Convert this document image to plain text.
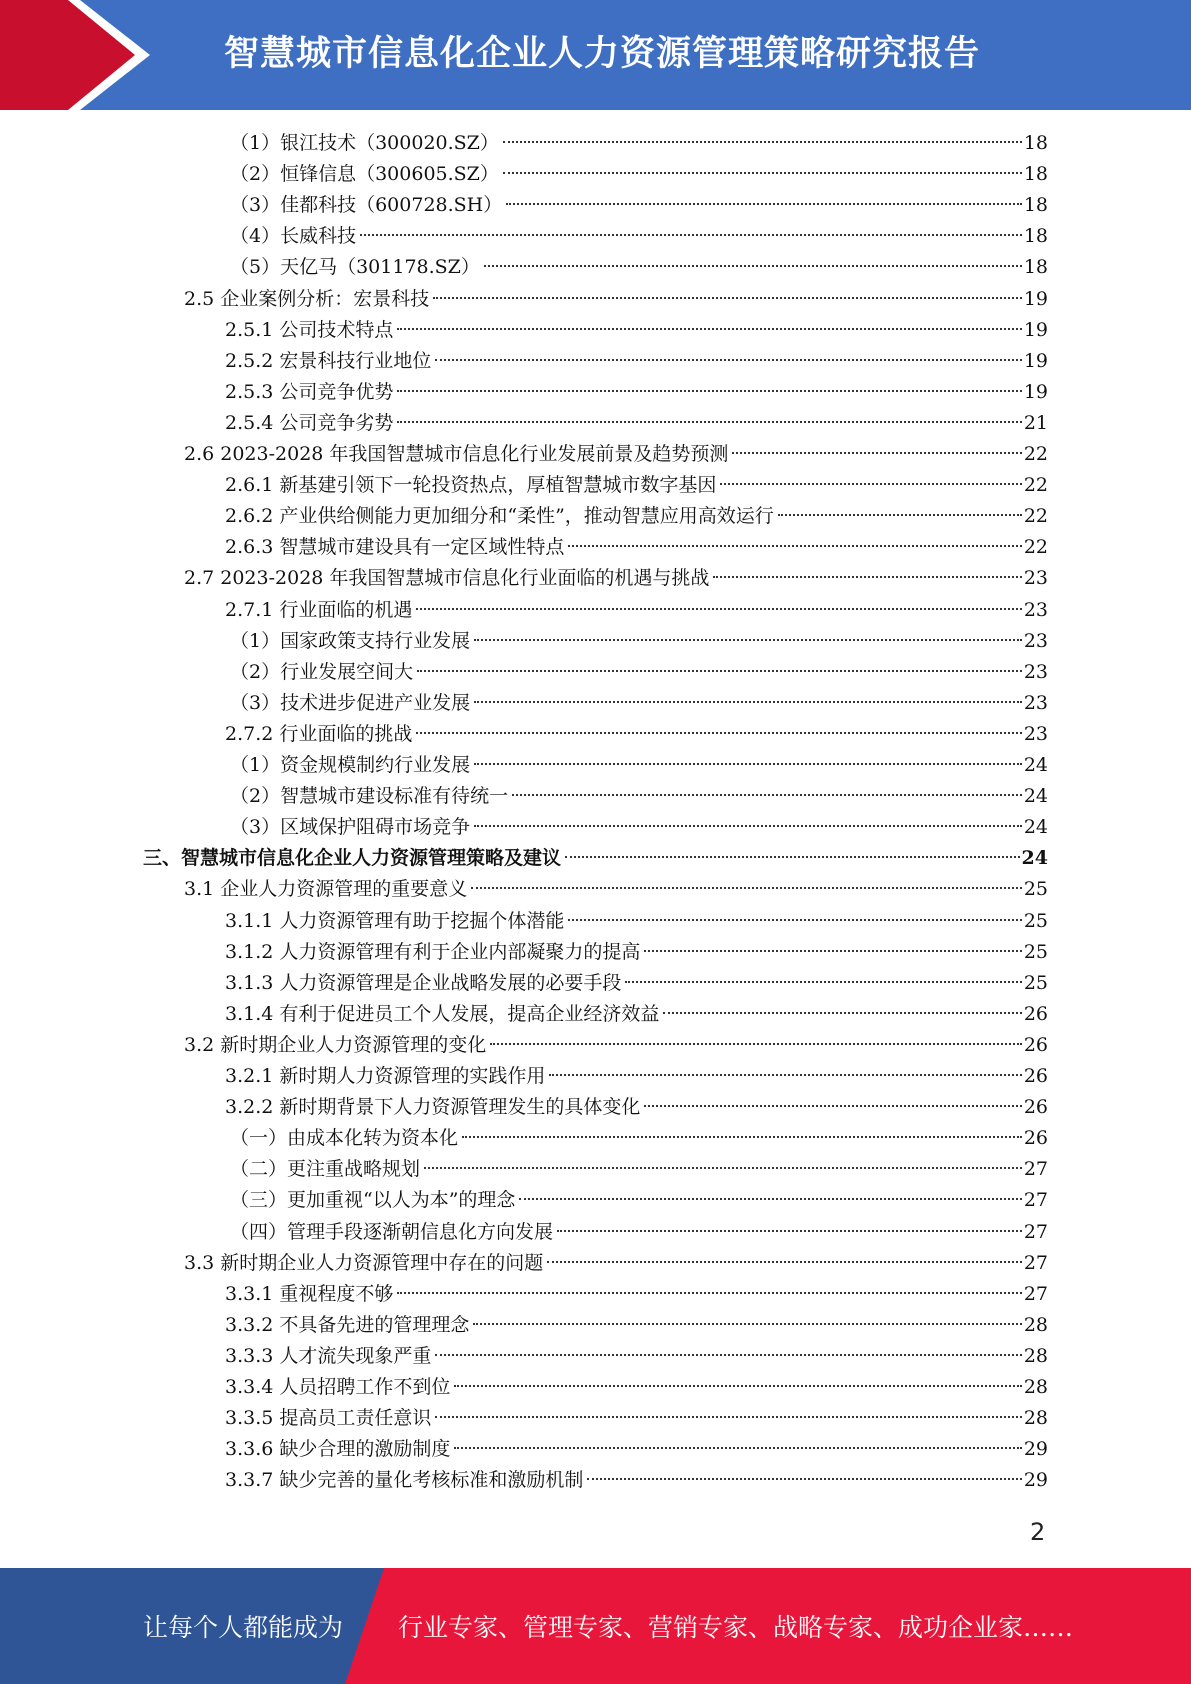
智慧城市信息化企业人力资源管理策略研究报告
（1）银江技术（300020.SZ）	18
（2）恒锋信息（300605.SZ）	18
（3）佳都科技（600728.SH）	18
（4）长威科技	18
（5）天亿马（301178.SZ）	18
2.5 企业案例分析：宏景科技	19
2.5.1 公司技术特点	19
2.5.2 宏景科技行业地位	19
2.5.3 公司竞争优势	19
2.5.4 公司竞争劣势	21
2.6 2023-2028 年我国智慧城市信息化行业发展前景及趋势预测	22
2.6.1 新基建引领下一轮投资热点，厚植智慧城市数字基因	22
2.6.2 产业供给侧能力更加细分和“柔性”，推动智慧应用高效运行	22
2.6.3 智慧城市建设具有一定区域性特点	22
2.7 2023-2028 年我国智慧城市信息化行业面临的机遇与挑战	23
2.7.1 行业面临的机遇	23
（1）国家政策支持行业发展	23
（2）行业发展空间大	23
（3）技术进步促进产业发展	23
2.7.2 行业面临的挑战	23
（1）资金规模制约行业发展	24
（2）智慧城市建设标准有待统一	24
（3）区域保护阻碍市场竞争	24
三、智慧城市信息化企业人力资源管理策略及建议	24
3.1 企业人力资源管理的重要意义	25
3.1.1 人力资源管理有助于挖掘个体潜能	25
3.1.2 人力资源管理有利于企业内部凝聚力的提高	25
3.1.3 人力资源管理是企业战略发展的必要手段	25
3.1.4 有利于促进员工个人发展，提高企业经济效益	26
3.2 新时期企业人力资源管理的变化	26
3.2.1 新时期人力资源管理的实践作用	26
3.2.2 新时期背景下人力资源管理发生的具体变化	26
（一）由成本化转为资本化	26
（二）更注重战略规划	27
（三）更加重视“以人为本”的理念	27
（四）管理手段逐渐朝信息化方向发展	27
3.3 新时期企业人力资源管理中存在的问题	27
3.3.1 重视程度不够	27
3.3.2 不具备先进的管理理念	28
3.3.3 人才流失现象严重	28
3.3.4 人员招聘工作不到位	28
3.3.5 提高员工责任意识	28
3.3.6 缺少合理的激励制度	29
3.3.7 缺少完善的量化考核标准和激励机制	29
2
让每个人都能成为 行业专家、管理专家、营销专家、战略专家、成功企业家……
